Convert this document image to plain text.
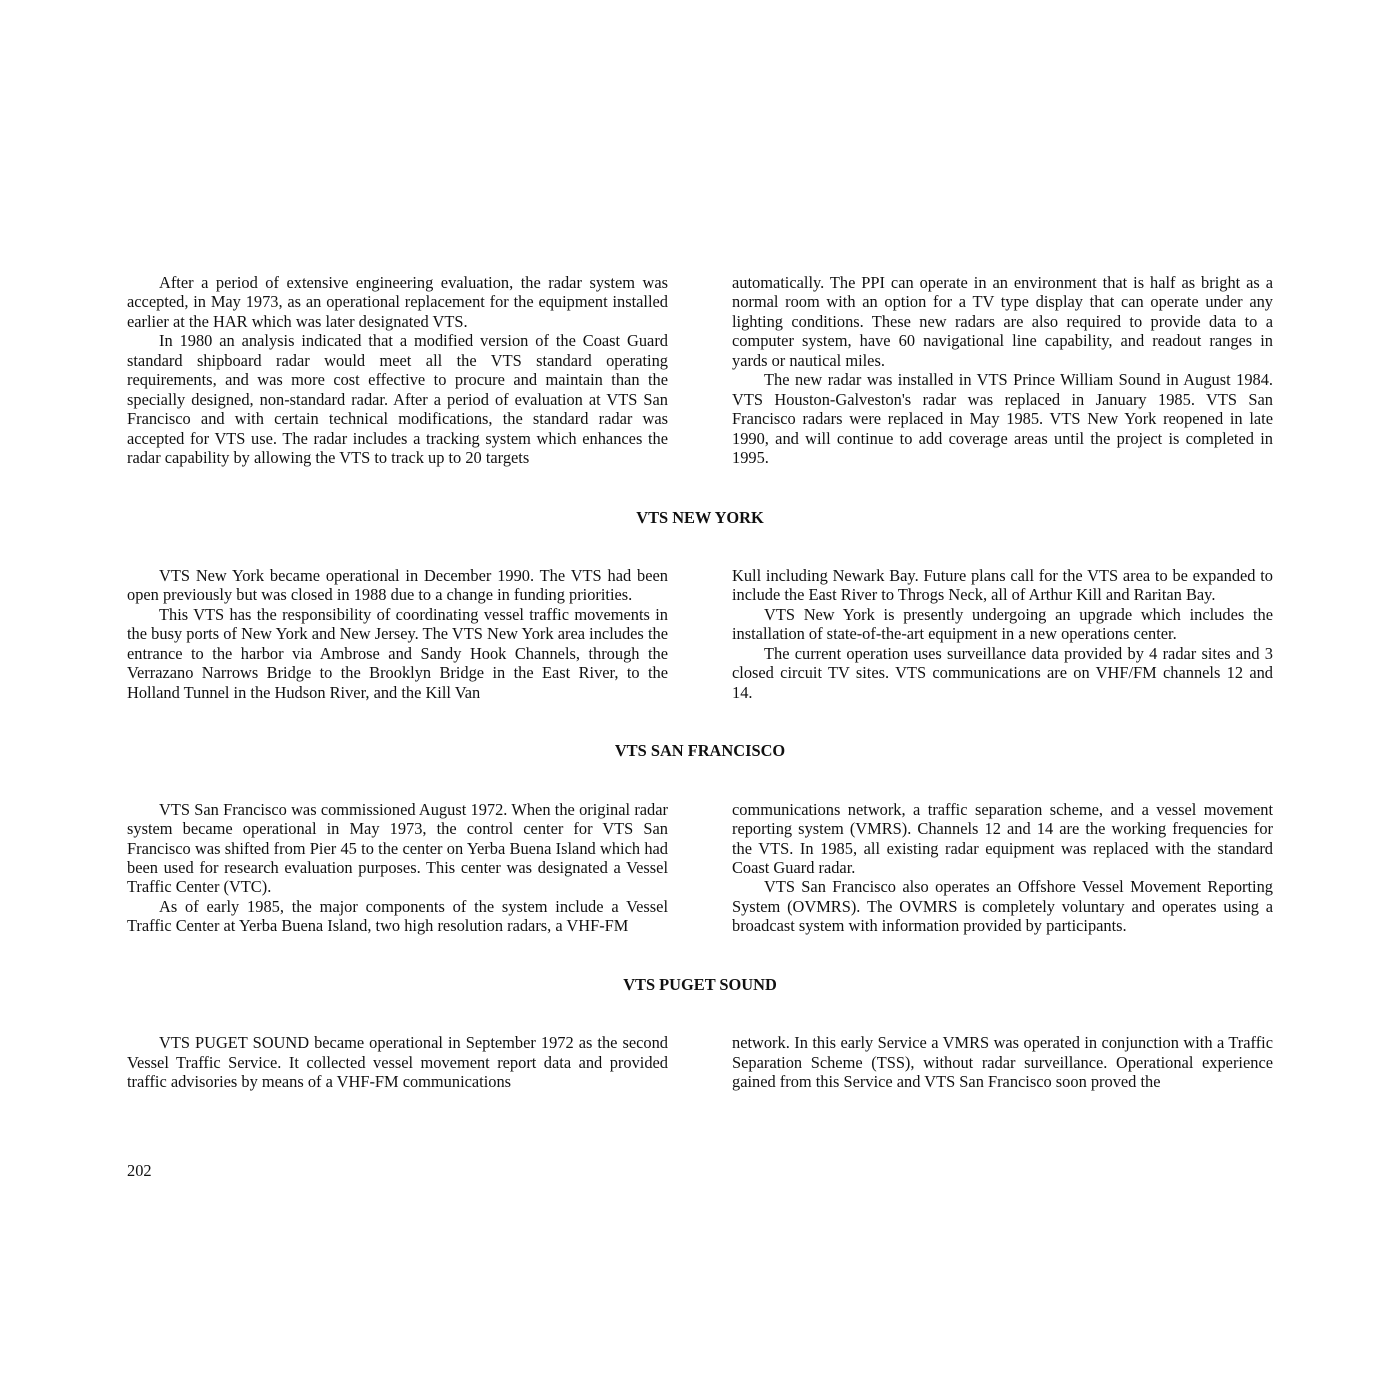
After a period of extensive engineering evaluation, the radar system was accepted, in May 1973, as an operational replacement for the equipment installed earlier at the HAR which was later designated VTS.

In 1980 an analysis indicated that a modified version of the Coast Guard standard shipboard radar would meet all the VTS standard operating requirements, and was more cost effective to procure and maintain than the specially designed, non-standard radar. After a period of evaluation at VTS San Francisco and with certain technical modifications, the standard radar was accepted for VTS use. The radar includes a tracking system which enhances the radar capability by allowing the VTS to track up to 20 targets

automatically. The PPI can operate in an environment that is half as bright as a normal room with an option for a TV type display that can operate under any lighting conditions. These new radars are also required to provide data to a computer system, have 60 navigational line capability, and readout ranges in yards or nautical miles.

The new radar was installed in VTS Prince William Sound in August 1984. VTS Houston-Galveston's radar was replaced in January 1985. VTS San Francisco radars were replaced in May 1985. VTS New York reopened in late 1990, and will continue to add coverage areas until the project is completed in 1995.

VTS NEW YORK

VTS New York became operational in December 1990. The VTS had been open previously but was closed in 1988 due to a change in funding priorities.

This VTS has the responsibility of coordinating vessel traffic movements in the busy ports of New York and New Jersey. The VTS New York area includes the entrance to the harbor via Ambrose and Sandy Hook Channels, through the Verrazano Narrows Bridge to the Brooklyn Bridge in the East River, to the Holland Tunnel in the Hudson River, and the Kill Van

Kull including Newark Bay. Future plans call for the VTS area to be expanded to include the East River to Throgs Neck, all of Arthur Kill and Raritan Bay.

VTS New York is presently undergoing an upgrade which includes the installation of state-of-the-art equipment in a new operations center.

The current operation uses surveillance data provided by 4 radar sites and 3 closed circuit TV sites. VTS communications are on VHF/FM channels 12 and 14.

VTS SAN FRANCISCO

VTS San Francisco was commissioned August 1972. When the original radar system became operational in May 1973, the control center for VTS San Francisco was shifted from Pier 45 to the center on Yerba Buena Island which had been used for research evaluation purposes. This center was designated a Vessel Traffic Center (VTC).

As of early 1985, the major components of the system include a Vessel Traffic Center at Yerba Buena Island, two high resolution radars, a VHF-FM

communications network, a traffic separation scheme, and a vessel movement reporting system (VMRS). Channels 12 and 14 are the working frequencies for the VTS. In 1985, all existing radar equipment was replaced with the standard Coast Guard radar.

VTS San Francisco also operates an Offshore Vessel Movement Reporting System (OVMRS). The OVMRS is completely voluntary and operates using a broadcast system with information provided by participants.

VTS PUGET SOUND

VTS PUGET SOUND became operational in September 1972 as the second Vessel Traffic Service. It collected vessel movement report data and provided traffic advisories by means of a VHF-FM communications

network. In this early Service a VMRS was operated in conjunction with a Traffic Separation Scheme (TSS), without radar surveillance. Operational experience gained from this Service and VTS San Francisco soon proved the

202
